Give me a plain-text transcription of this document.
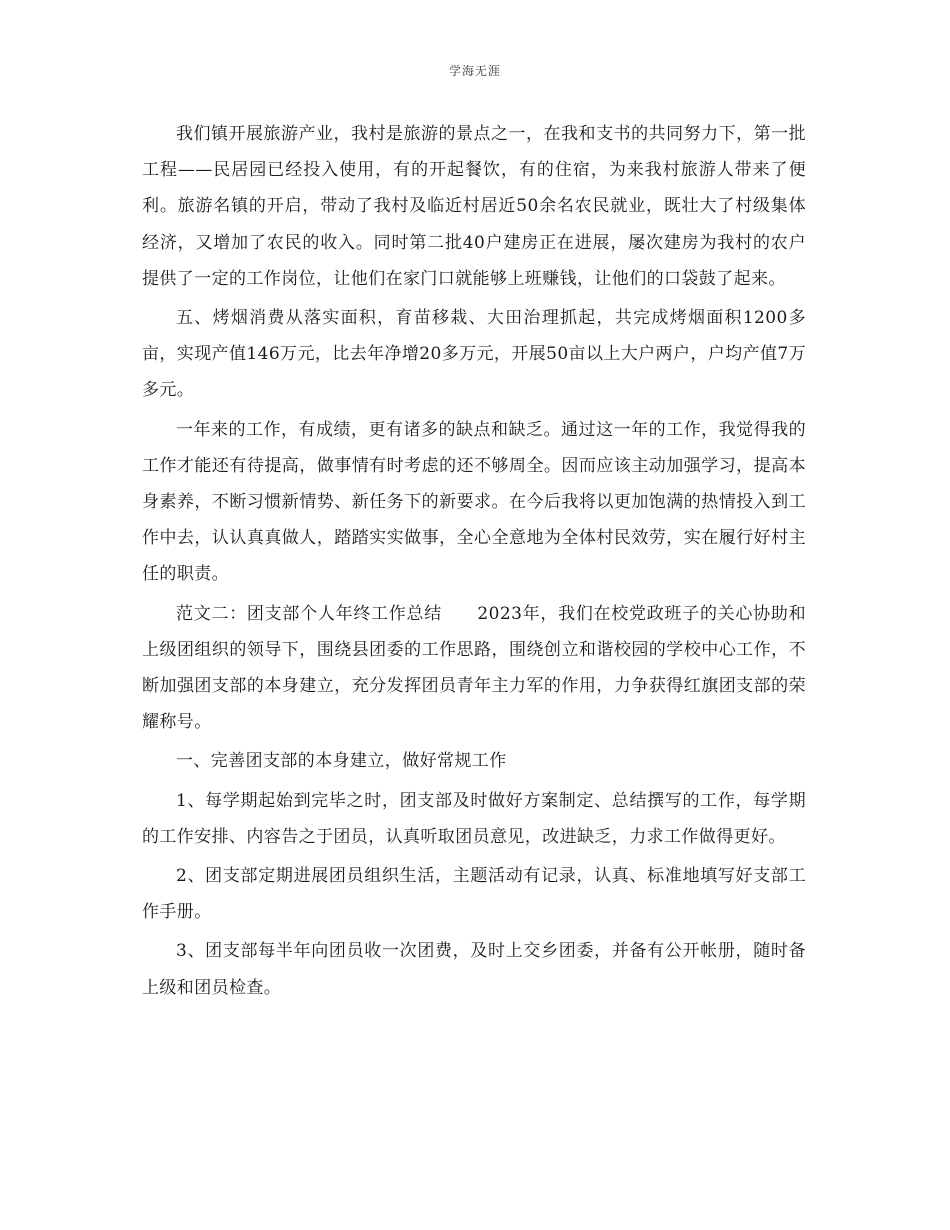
学海无涯

我们镇开展旅游产业，我村是旅游的景点之一，在我和支书的共同努力下，第一批工程——民居园已经投入使用，有的开起餐饮，有的住宿，为来我村旅游人带来了便利。旅游名镇的开启，带动了我村及临近村居近50余名农民就业，既壮大了村级集体经济，又增加了农民的收入。同时第二批40户建房正在进展，屡次建房为我村的农户提供了一定的工作岗位，让他们在家门口就能够上班赚钱，让他们的口袋鼓了起来。

五、烤烟消费从落实面积，育苗移栽、大田治理抓起，共完成烤烟面积1200多亩，实现产值146万元，比去年净增20多万元，开展50亩以上大户两户，户均产值7万多元。

一年来的工作，有成绩，更有诸多的缺点和缺乏。通过这一年的工作，我觉得我的工作才能还有待提高，做事情有时考虑的还不够周全。因而应该主动加强学习，提高本身素养，不断习惯新情势、新任务下的新要求。在今后我将以更加饱满的热情投入到工作中去，认认真真做人，踏踏实实做事，全心全意地为全体村民效劳，实在履行好村主任的职责。

范文二：团支部个人年终工作总结　　2023年，我们在校党政班子的关心协助和上级团组织的领导下，围绕县团委的工作思路，围绕创立和谐校园的学校中心工作，不断加强团支部的本身建立，充分发挥团员青年主力军的作用，力争获得红旗团支部的荣耀称号。

一、完善团支部的本身建立，做好常规工作

1、每学期起始到完毕之时，团支部及时做好方案制定、总结撰写的工作，每学期的工作安排、内容告之于团员，认真听取团员意见，改进缺乏，力求工作做得更好。

2、团支部定期进展团员组织生活，主题活动有记录，认真、标准地填写好支部工作手册。

3、团支部每半年向团员收一次团费，及时上交乡团委，并备有公开帐册，随时备上级和团员检查。
